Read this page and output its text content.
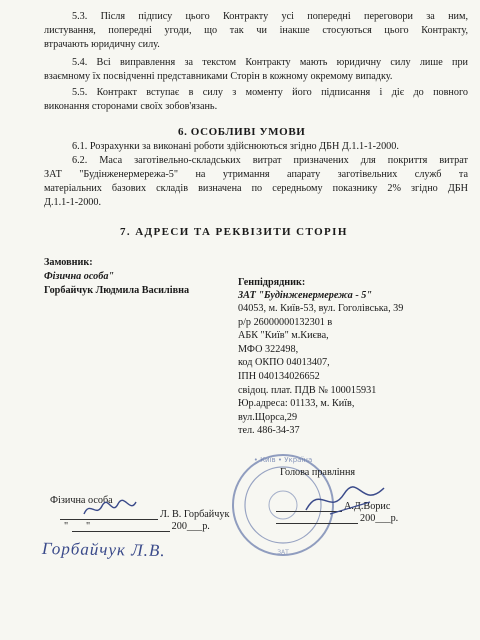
5.3. Після підпису цього Контракту усі попередні переговори за ним,
листування, попередні угоди, що так чи інакше стосуються цього Контракту,
втрачають юридичну силу.
5.4. Всі виправлення за текстом Контракту мають юридичну силу лише при
взаємному їх посвідченні представниками Сторін в кожному окремому випадку.
5.5. Контракт вступає в силу з моменту його підписання і діє до повного
виконання сторонами своїх зобов'язань.
6. ОСОБЛИВІ УМОВИ
6.1. Розрахунки за виконані роботи здійснюються згідно ДБН Д.1.1-1-2000.
6.2. Маса заготівельно-складських витрат призначених для покриття витрат
ЗАТ "Будінженермережа-5" на утримання апарату заготівельних служб та
матеріальних базових складів визначена по середньому показнику 2% згідно ДБН
Д.1.1-1-2000.
7. АДРЕСИ ТА РЕКВІЗИТИ СТОРІН
Замовник:
Фізична особа"
Горбайчук Людмила Василівна
Генпідрядник:
ЗАТ "Будінженермережа - 5"
04053, м. Київ-53, вул. Гоголівська, 39
р/р 26000000132301 в
АБК "Київ" м.Києва,
МФО 322498,
код ОКПО 04013407,
ІПН 040134026652
свідоц. плат. ПДВ № 100015931
Юр.адреса: 01133, м. Київ,
вул.Щорса,29
тел. 486-34-37
• Київ • Україна
ЗАТ
Голова правління
Фізична особа
Л. В. Горбайчук
"       "                                200___р.
А.Д.Ворис
200___р.
Горбайчук Л.В.
